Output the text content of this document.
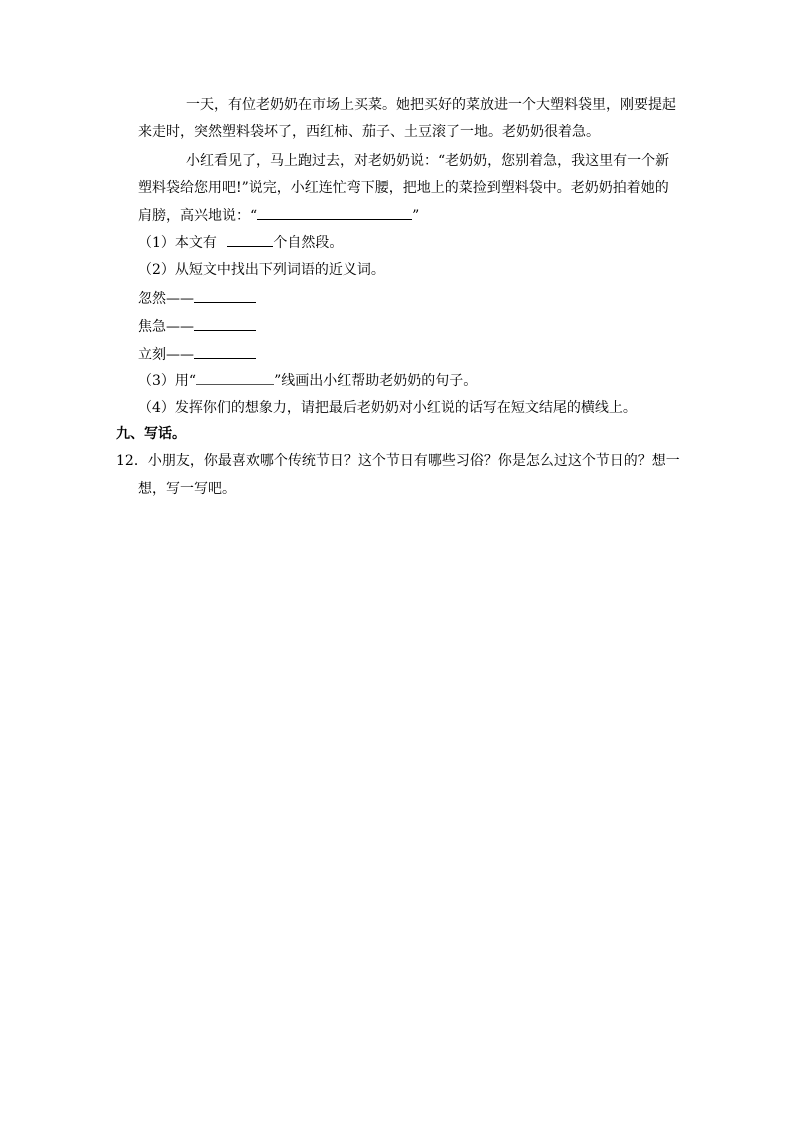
一天，有位老奶奶在市场上买菜。她把买好的菜放进一个大塑料袋里，刚要提起
来走时，突然塑料袋坏了，西红柿、茄子、土豆滚了一地。老奶奶很着急。
小红看见了，马上跑过去，对老奶奶说：“老奶奶，您别着急，我这里有一个新
塑料袋给您用吧!”说完，小红连忙弯下腰，把地上的菜捡到塑料袋中。老奶奶拍着她的
肩膀，高兴地说：“	”
（1）本文有	个自然段。
（2）从短文中找出下列词语的近义词。
忽然——
焦急——
立刻——
（3）用“	”线画出小红帮助老奶奶的句子。
（4）发挥你们的想象力，请把最后老奶奶对小红说的话写在短文结尾的横线上。
九、写话。
12．小朋友，你最喜欢哪个传统节日？这个节日有哪些习俗？你是怎么过这个节日的？想一
想，写一写吧。
